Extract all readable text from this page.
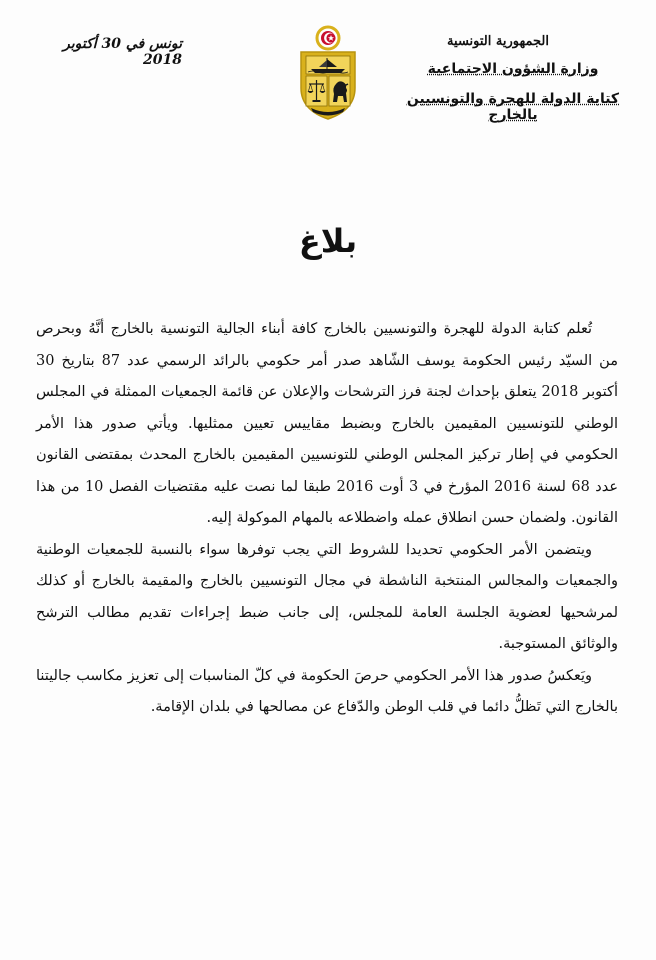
الجمهورية التونسية
وزارة الشؤون الاجتماعية
كتابة الدولة للهجرة والتونسيين بالخارج
تونس في 30 أكتوبر 2018
بلاغ

تُعلم كتابة الدولة للهجرة والتونسيين بالخارج كافة أبناء الجالية التونسية بالخارج أنَّهُ وبحرص من السيّد رئيس الحكومة يوسف الشّاهد صدر أمر حكومي بالرائد الرسمي عدد 87 بتاريخ 30 أكتوبر 2018 يتعلق بإحداث لجنة فرز الترشحات والإعلان عن قائمة الجمعيات الممثلة في المجلس الوطني للتونسيين المقيمين بالخارج وبضبط مقاييس تعيين ممثليها. ويأتي صدور هذا الأمر الحكومي في إطار تركيز المجلس الوطني للتونسيين المقيمين بالخارج المحدث بمقتضى القانون عدد 68 لسنة 2016 المؤرخ في 3 أوت 2016 طبقا لما نصت عليه مقتضيات الفصل 10 من هذا القانون. ولضمان حسن انطلاق عمله واضطلاعه بالمهام الموكولة إليه.

ويتضمن الأمر الحكومي تحديدا للشروط التي يجب توفرها سواء بالنسبة للجمعيات الوطنية والجمعيات والمجالس المنتخبة الناشطة في مجال التونسيين بالخارج والمقيمة بالخارج أو كذلك لمرشحيها لعضوية الجلسة العامة للمجلس، إلى جانب ضبط إجراءات تقديم مطالب الترشح والوثائق المستوجبة.

ويَعكسُ صدور هذا الأمر الحكومي حرصَ الحكومة في كلّ المناسبات إلى تعزيز مكاسب جاليتنا بالخارج التي تَظلُّ دائما في قلب الوطن والدّفاع عن مصالحها في بلدان الإقامة.
